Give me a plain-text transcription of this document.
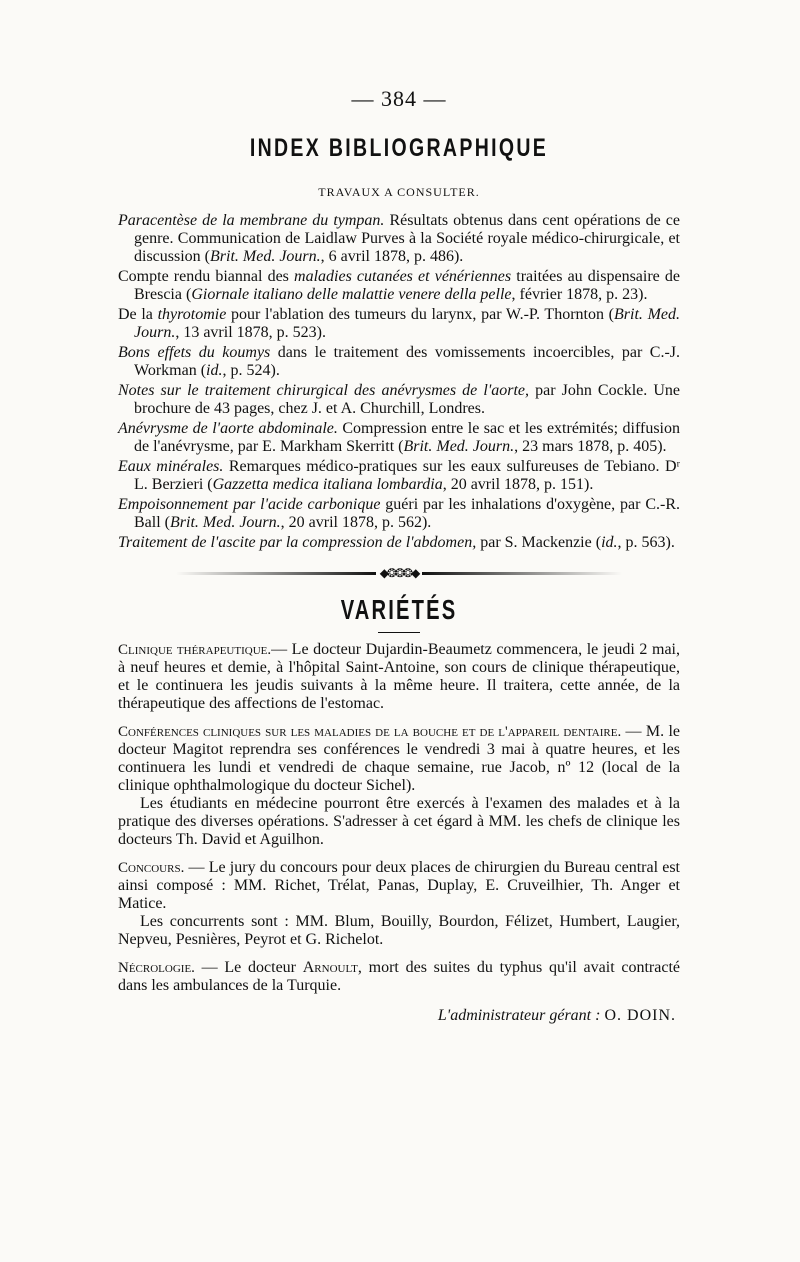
— 384 —
INDEX BIBLIOGRAPHIQUE
TRAVAUX A CONSULTER.
Paracentèse de la membrane du tympan. Résultats obtenus dans cent opérations de ce genre. Communication de Laidlaw Purves à la Société royale médico-chirurgicale, et discussion (Brit. Med. Journ., 6 avril 1878, p. 486).
Compte rendu biannal des maladies cutanées et vénériennes traitées au dispensaire de Brescia (Giornale italiano delle malattie venere della pelle, février 1878, p. 23).
De la thyrotomie pour l'ablation des tumeurs du larynx, par W.-P. Thornton (Brit. Med. Journ., 13 avril 1878, p. 523).
Bons effets du koumys dans le traitement des vomissements incoercibles, par C.-J. Workman (id., p. 524).
Notes sur le traitement chirurgical des anévrysmes de l'aorte, par John Cockle. Une brochure de 43 pages, chez J. et A. Churchill, Londres.
Anévrysme de l'aorte abdominale. Compression entre le sac et les extrémités; diffusion de l'anévrysme, par E. Markham Skerritt (Brit. Med. Journ., 23 mars 1878, p. 405).
Eaux minérales. Remarques médico-pratiques sur les eaux sulfureuses de Tebiano. Dʳ L. Berzieri (Gazzetta medica italiana lombardia, 20 avril 1878, p. 151).
Empoisonnement par l'acide carbonique guéri par les inhalations d'oxygène, par C.-R. Ball (Brit. Med. Journ., 20 avril 1878, p. 562).
Traitement de l'ascite par la compression de l'abdomen, par S. Mackenzie (id., p. 563).
◆❂❂❂◆
VARIÉTÉS

Clinique thérapeutique.— Le docteur Dujardin-Beaumetz commencera, le jeudi 2 mai, à neuf heures et demie, à l'hôpital Saint-Antoine, son cours de clinique thérapeutique, et le continuera les jeudis suivants à la même heure. Il traitera, cette année, de la thérapeutique des affections de l'estomac.

Conférences cliniques sur les maladies de la bouche et de l'appareil dentaire. — M. le docteur Magitot reprendra ses conférences le vendredi 3 mai à quatre heures, et les continuera les lundi et vendredi de chaque semaine, rue Jacob, nº 12 (local de la clinique ophthalmologique du docteur Sichel).

Les étudiants en médecine pourront être exercés à l'examen des malades et à la pratique des diverses opérations. S'adresser à cet égard à MM. les chefs de clinique les docteurs Th. David et Aguilhon.

Concours. — Le jury du concours pour deux places de chirurgien du Bureau central est ainsi composé : MM. Richet, Trélat, Panas, Duplay, E. Cruveilhier, Th. Anger et Matice.

Les concurrents sont : MM. Blum, Bouilly, Bourdon, Félizet, Humbert, Laugier, Nepveu, Pesnières, Peyrot et G. Richelot.

Nécrologie. — Le docteur Arnoult, mort des suites du typhus qu'il avait contracté dans les ambulances de la Turquie.

L'administrateur gérant : O. DOIN.
